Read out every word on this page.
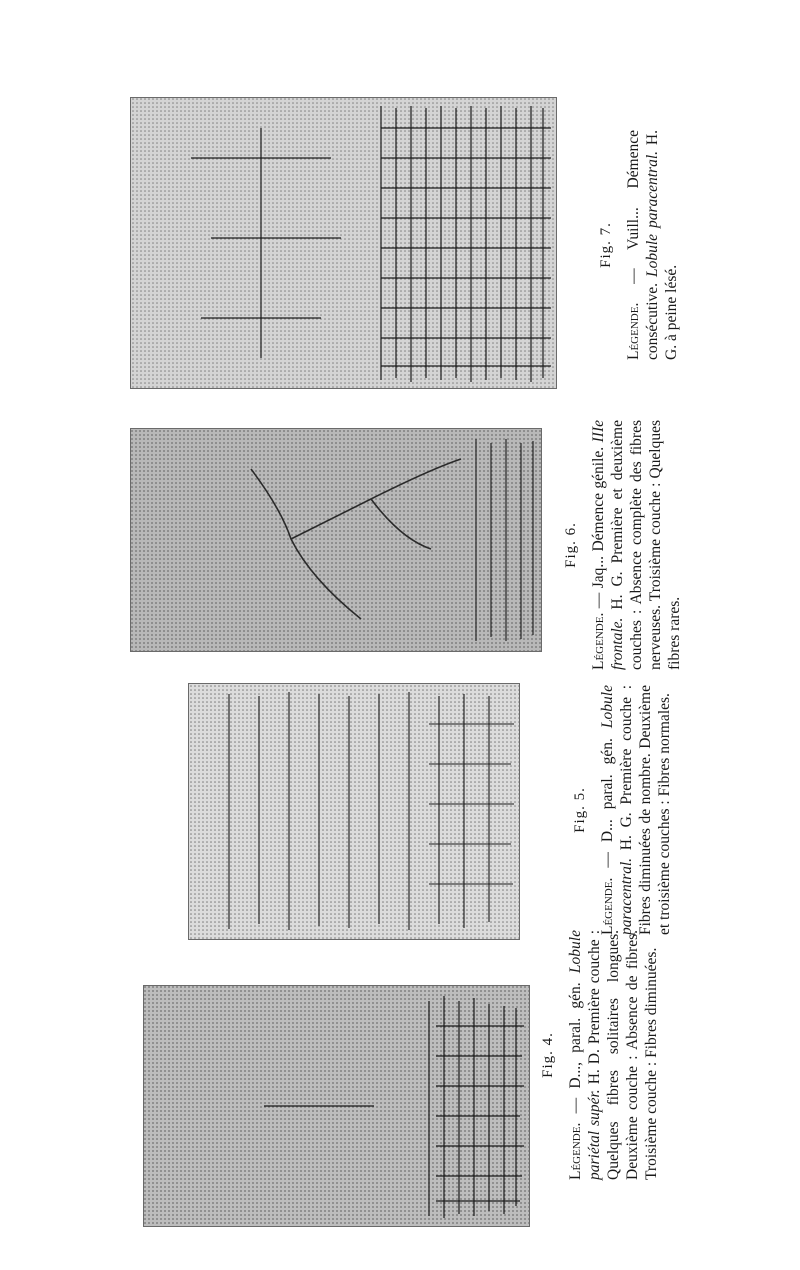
Fig. 4.
Légende. — D..., paral. gén. Lobule pariétal supér. H. D. Première couche : Quelques fibres solitaires longues. Deuxième couche : Absence de fibres. Troisième couche : Fibres diminuées.
Fig. 5.
Légende. — D... paral. gén. Lobule paracentral. H. G. Première couche : Fibres diminuées de nombre. Deuxième et troisième couches : Fibres normales.
Fig. 6.
Légende. — Jaq... Démence génile. IIIe frontale. H. G. Première et deuxième couches : Absence complète des fibres nerveuses. Troisième couche : Quelques fibres rares.
Fig. 7.
Légende. — Vuill... Démence consécutive. Lobule paracentral. H. G. à peine lésé.
